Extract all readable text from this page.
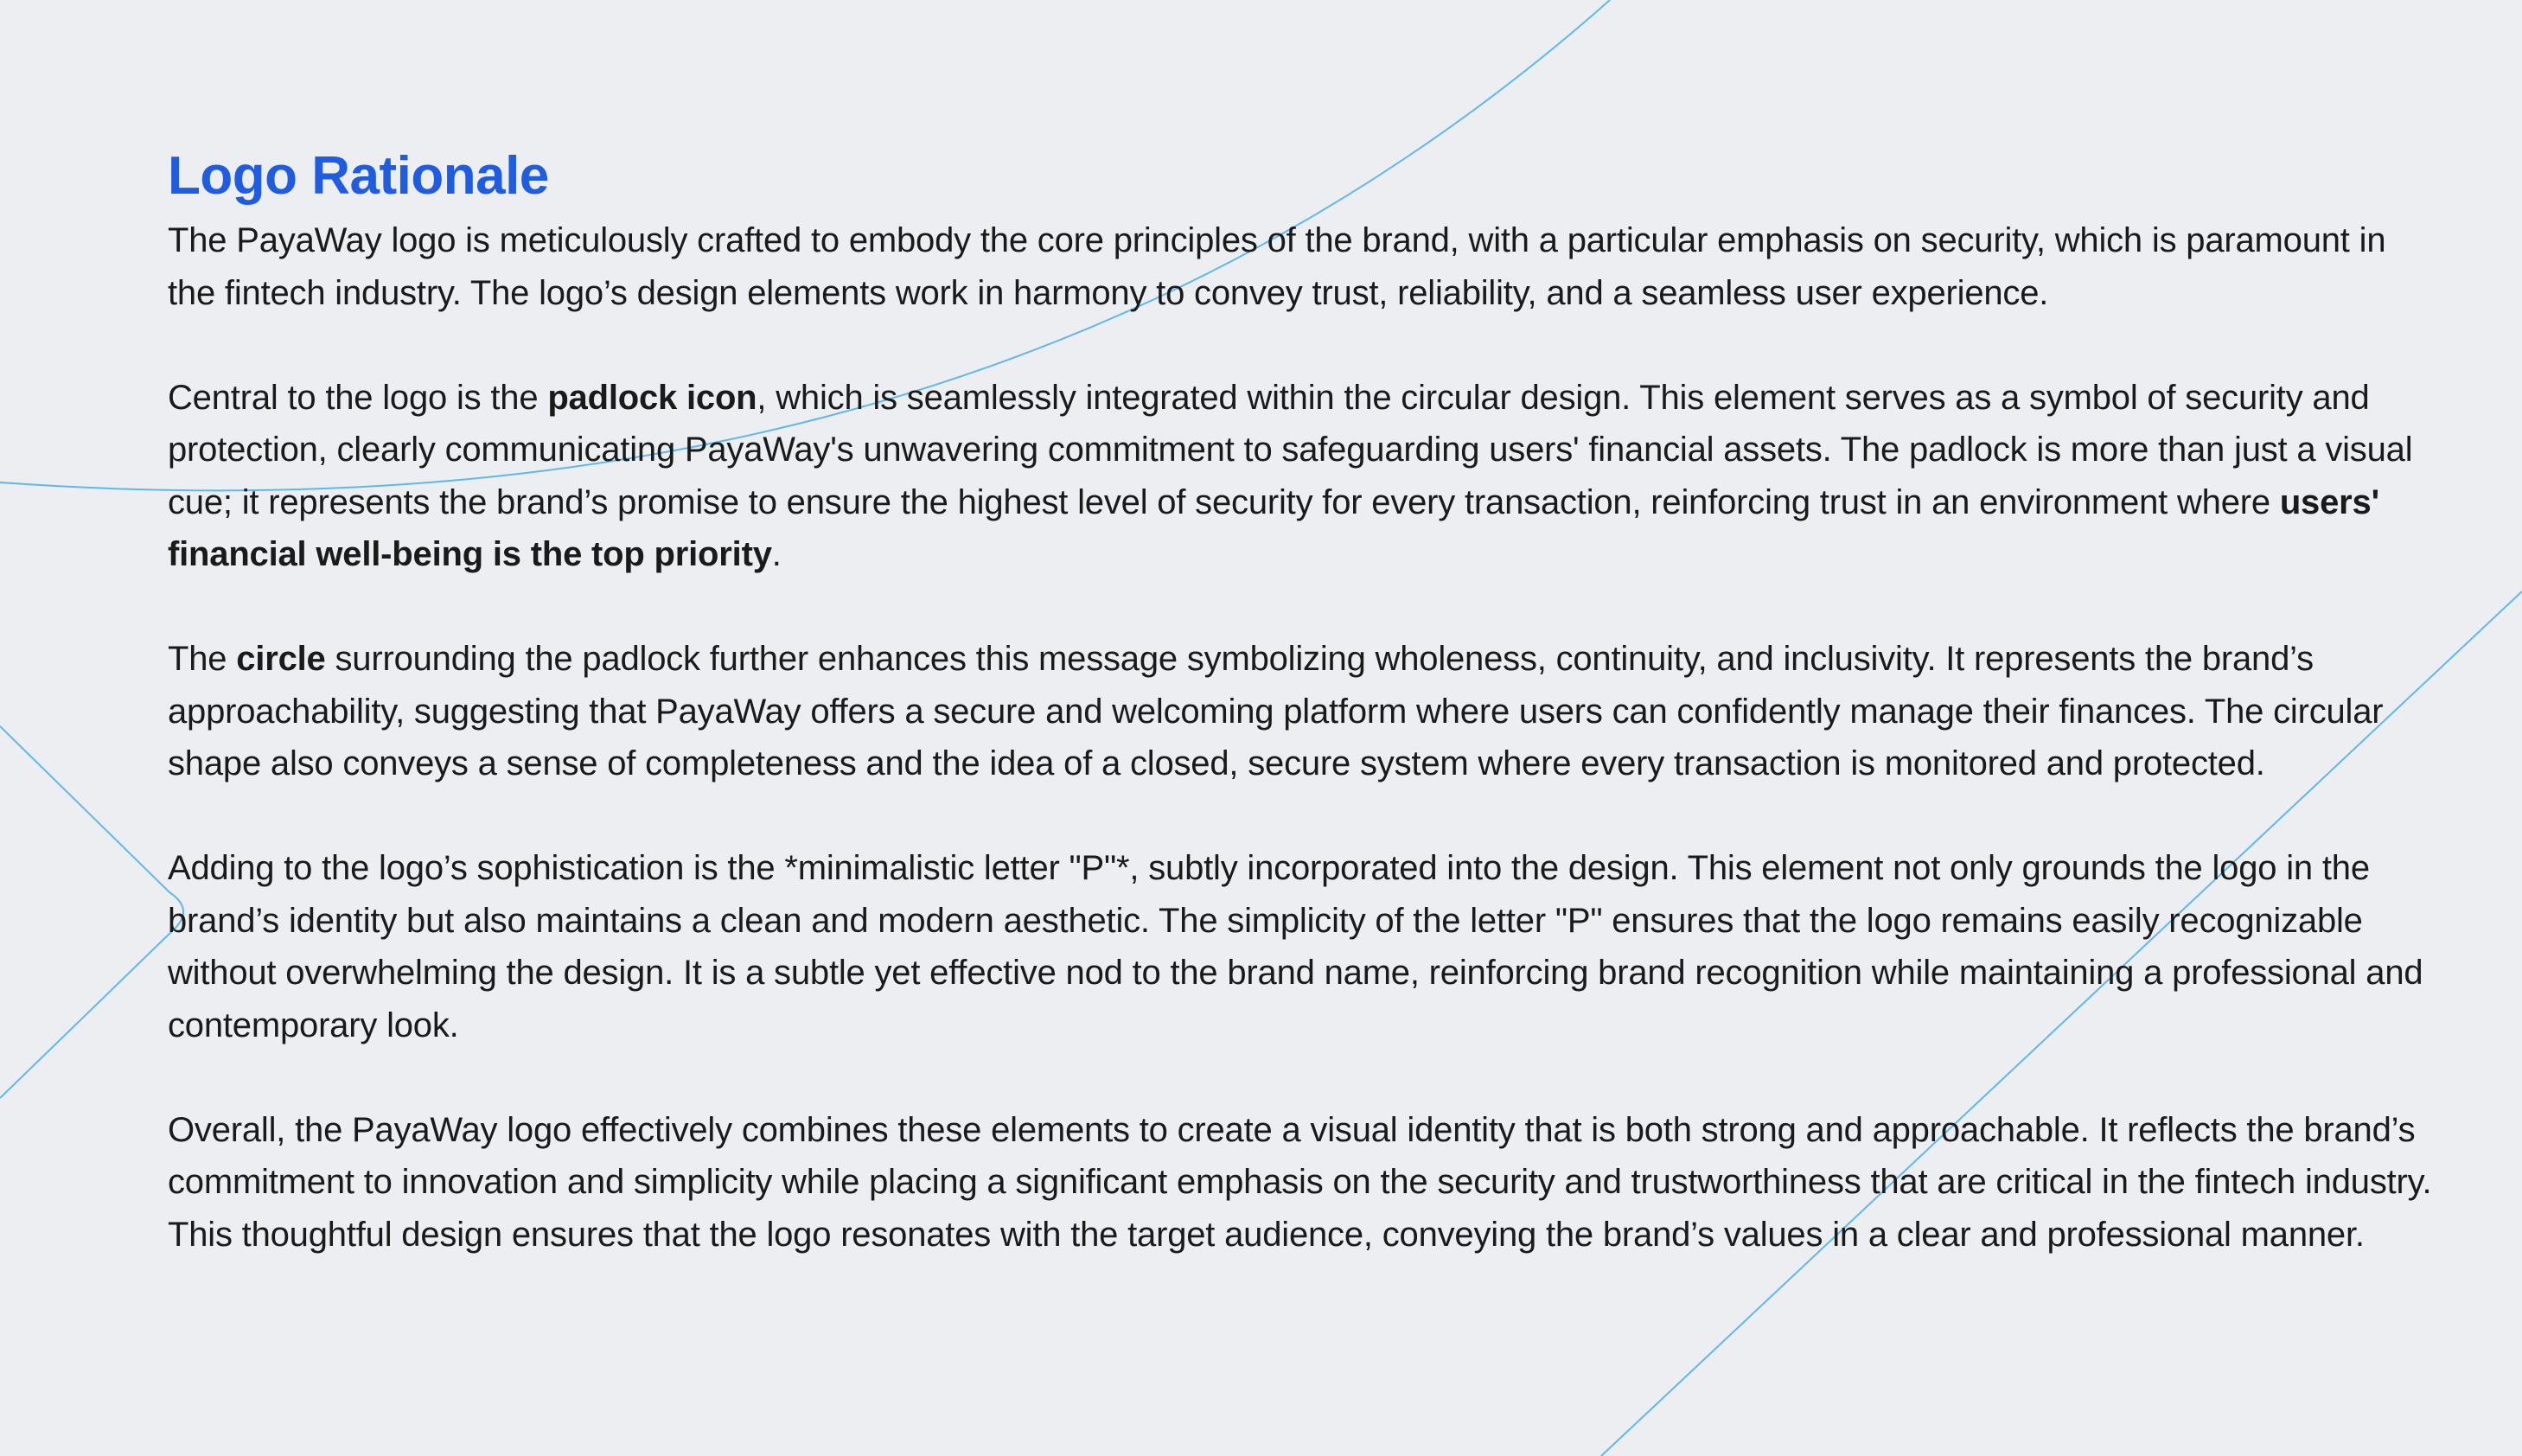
Logo Rationale

The PayaWay logo is meticulously crafted to embody the core principles of the brand, with a particular emphasis on security, which is paramount in the fintech industry. The logo’s design elements work in harmony to convey trust, reliability, and a seamless user experience.

Central to the logo is the padlock icon, which is seamlessly integrated within the circular design. This element serves as a symbol of security and protection, clearly communicating PayaWay's unwavering commitment to safeguarding users' financial assets. The padlock is more than just a visual cue; it represents the brand’s promise to ensure the highest level of security for every transaction, reinforcing trust in an environment where users' financial well-being is the top priority.

The circle surrounding the padlock further enhances this message symbolizing wholeness, continuity, and inclusivity. It represents the brand’s approachability, suggesting that PayaWay offers a secure and welcoming platform where users can confidently manage their finances. The circular shape also conveys a sense of completeness and the idea of a closed, secure system where every transaction is monitored and protected.

Adding to the logo’s sophistication is the *minimalistic letter "P"*, subtly incorporated into the design. This element not only grounds the logo in the brand’s identity but also maintains a clean and modern aesthetic. The simplicity of the letter "P" ensures that the logo remains easily recognizable without overwhelming the design. It is a subtle yet effective nod to the brand name, reinforcing brand recognition while maintaining a professional and contemporary look.

Overall, the PayaWay logo effectively combines these elements to create a visual identity that is both strong and approachable. It reflects the brand’s commitment to innovation and simplicity while placing a significant emphasis on the security and trustworthiness that are critical in the fintech industry. This thoughtful design ensures that the logo resonates with the target audience, conveying the brand’s values in a clear and professional manner.
